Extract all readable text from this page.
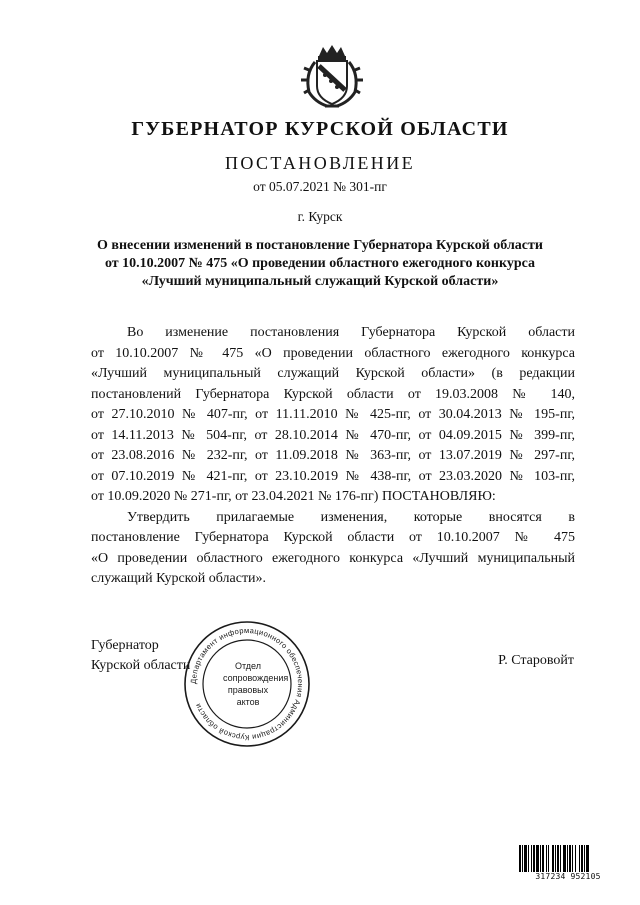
ГУБЕРНАТОР КУРСКОЙ ОБЛАСТИ
ПОСТАНОВЛЕНИЕ

от 05.07.2021 № 301-пг

г. Курск

О внесении изменений в постановление Губернатора Курской области
от 10.10.2007 № 475 «О проведении областного ежегодного конкурса
«Лучший муниципальный служащий Курской области»
Во изменение постановления Губернатора Курской области
от 10.10.2007 № 475 «О проведении областного ежегодного конкурса
«Лучший муниципальный служащий Курской области» (в редакции
постановлений Губернатора Курской области от 19.03.2008 № 140,
от 27.10.2010 № 407-пг, от 11.11.2010 № 425-пг, от 30.04.2013 № 195-пг,
от 14.11.2013 № 504-пг, от 28.10.2014 № 470-пг, от 04.09.2015 № 399-пг,
от 23.08.2016 № 232-пг, от 11.09.2018 № 363-пг, от 13.07.2019 № 297-пг,
от 07.10.2019 № 421-пг, от 23.10.2019 № 438-пг, от 23.03.2020 № 103-пг,
от 10.09.2020 № 271-пг, от 23.04.2021 № 176-пг) ПОСТАНОВЛЯЮ:
Утвердить прилагаемые изменения, которые вносятся в
постановление Губернатора Курской области от 10.10.2007 № 475
«О проведении областного ежегодного конкурса «Лучший муниципальный
служащий Курской области».
Губернатор
Курской области	Р. Старовойт
Департамент информационного обеспечения Администрации Курской области
Отдел
сопровождения
правовых
актов
317234 952105
